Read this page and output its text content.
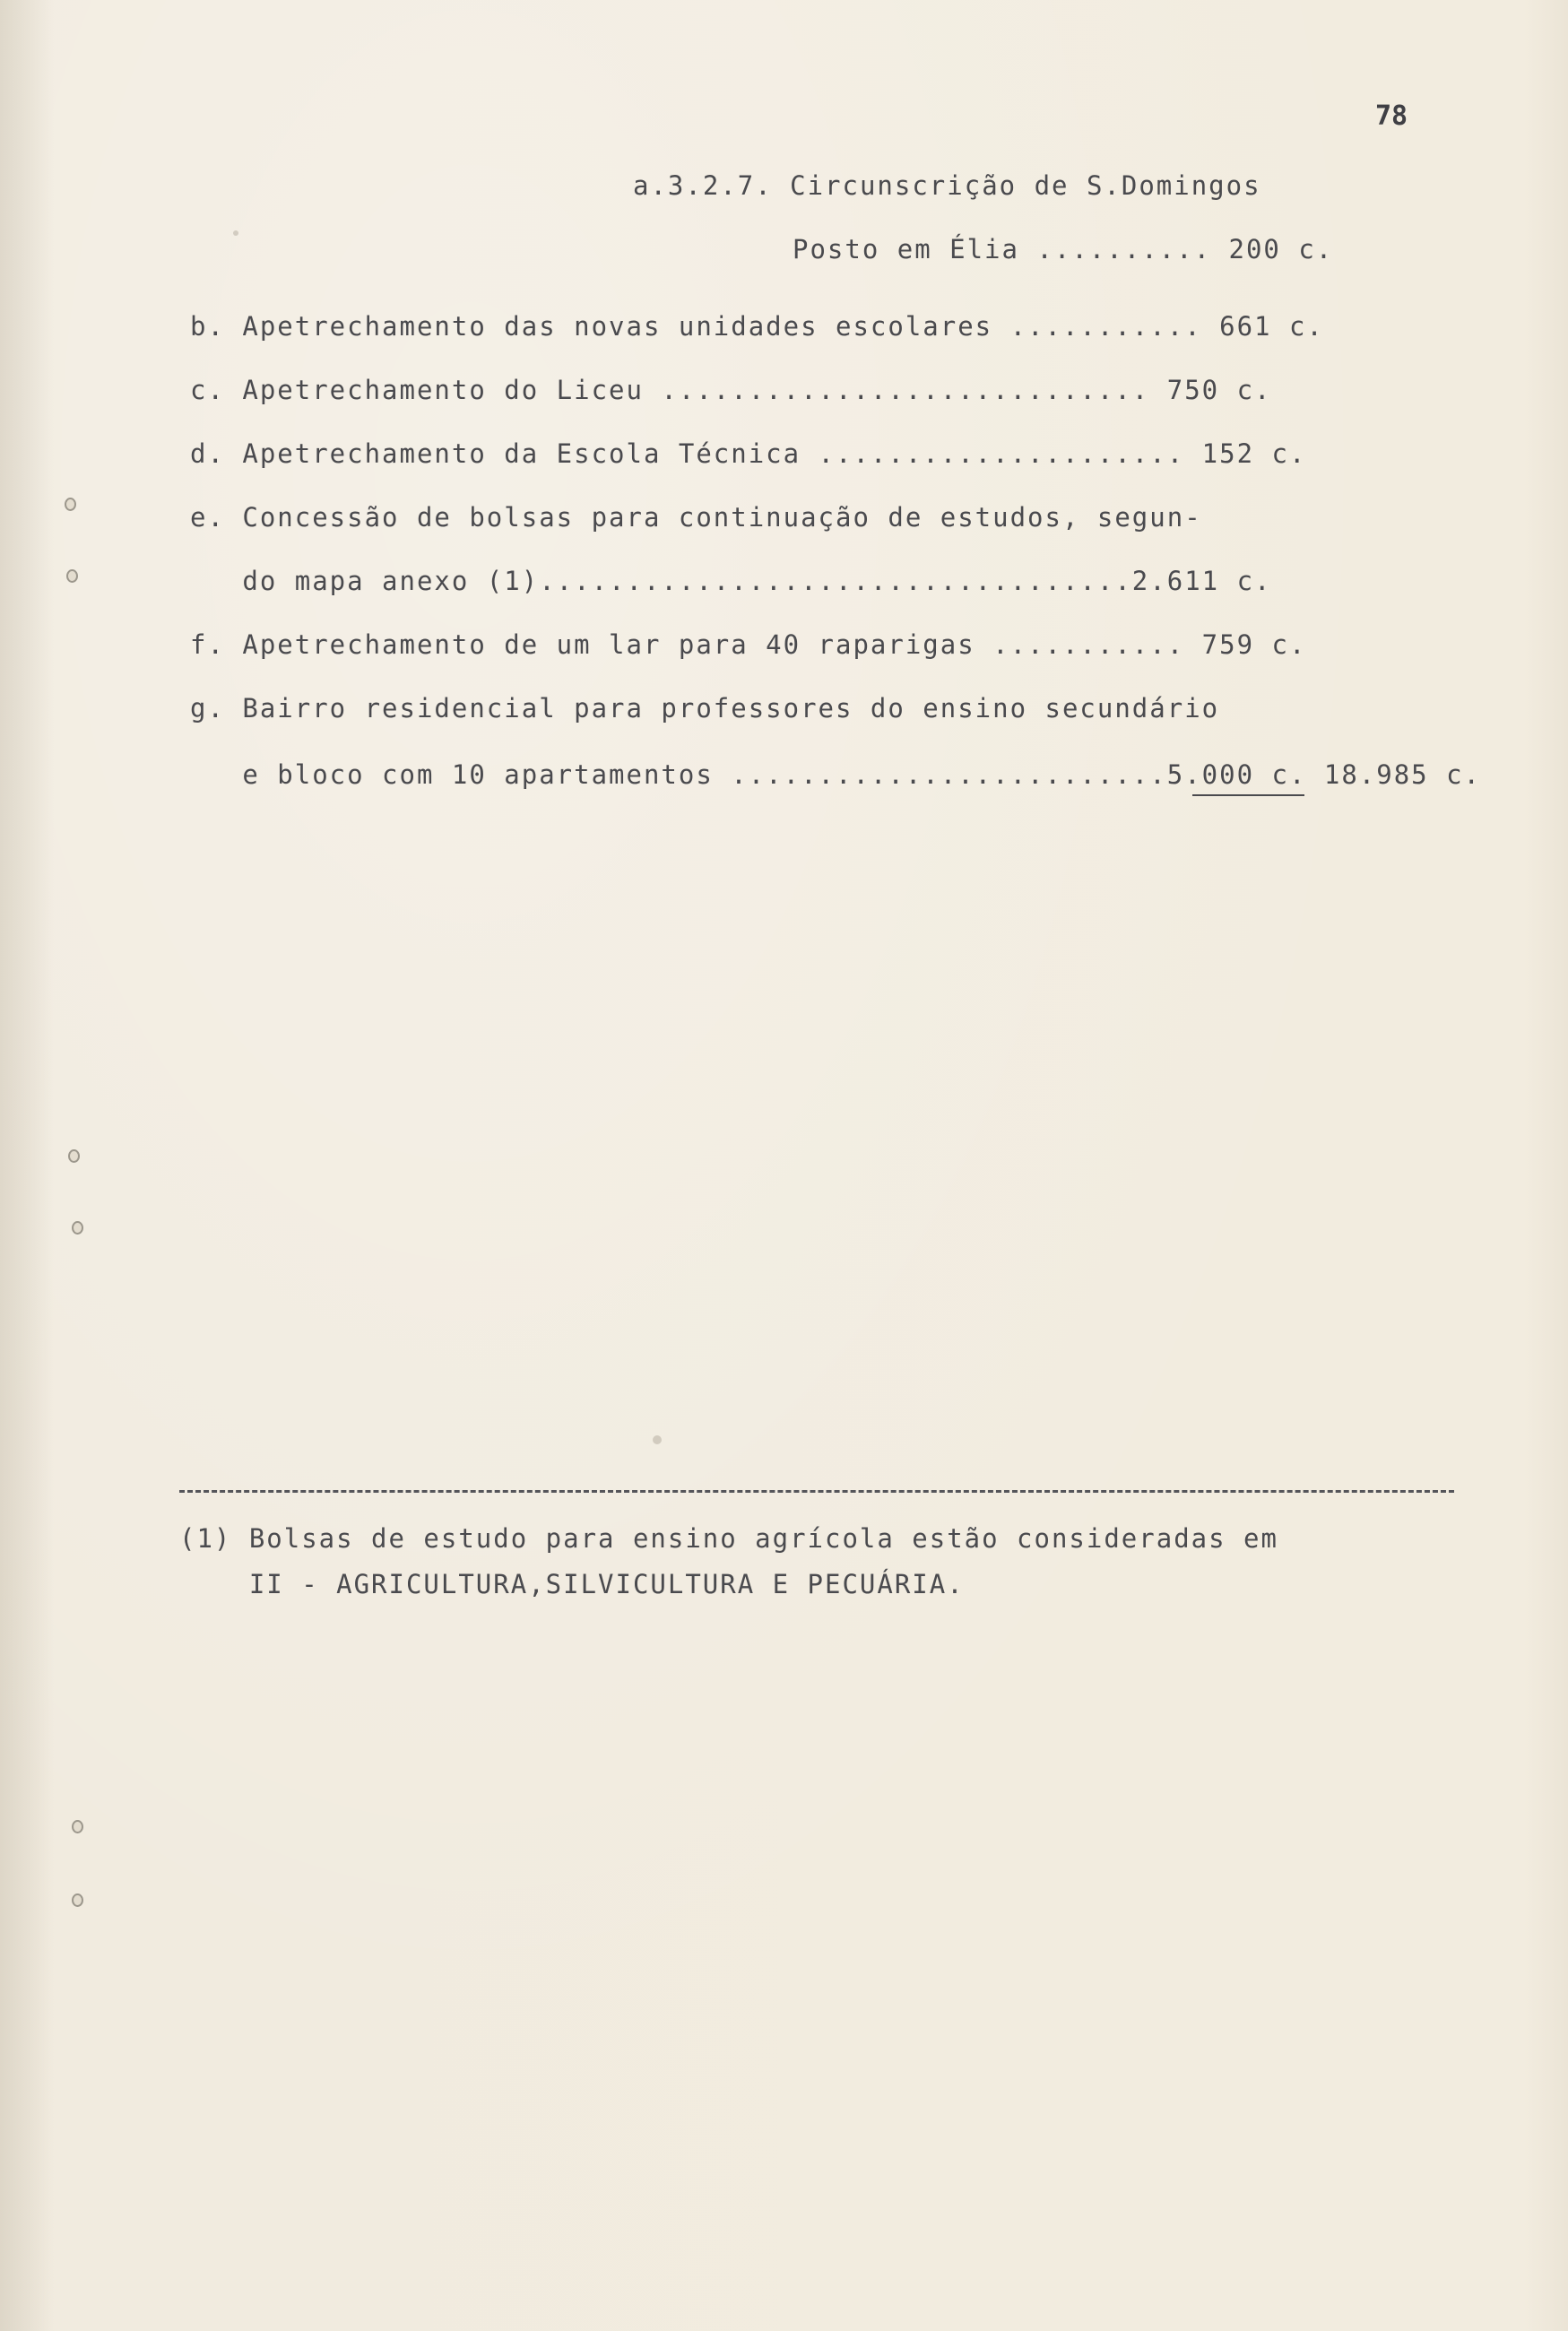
78
a.3.2.7. Circunscrição de S.Domingos
Posto em Élia .......... 200 c.
b. Apetrechamento das novas unidades escolares ........... 661 c.
c. Apetrechamento do Liceu ............................ 750 c.
d. Apetrechamento da Escola Técnica ..................... 152 c.
e. Concessão de bolsas para continuação de estudos, segun-
do mapa anexo (1)..................................2.611 c.
f. Apetrechamento de um lar para 40 raparigas ........... 759 c.
g. Bairro residencial para professores do ensino secundário
e bloco com 10 apartamentos .........................5.000 c. 18.985 c.
(1) Bolsas de estudo para ensino agrícola estão consideradas em
II - AGRICULTURA,SILVICULTURA E PECUÁRIA.
